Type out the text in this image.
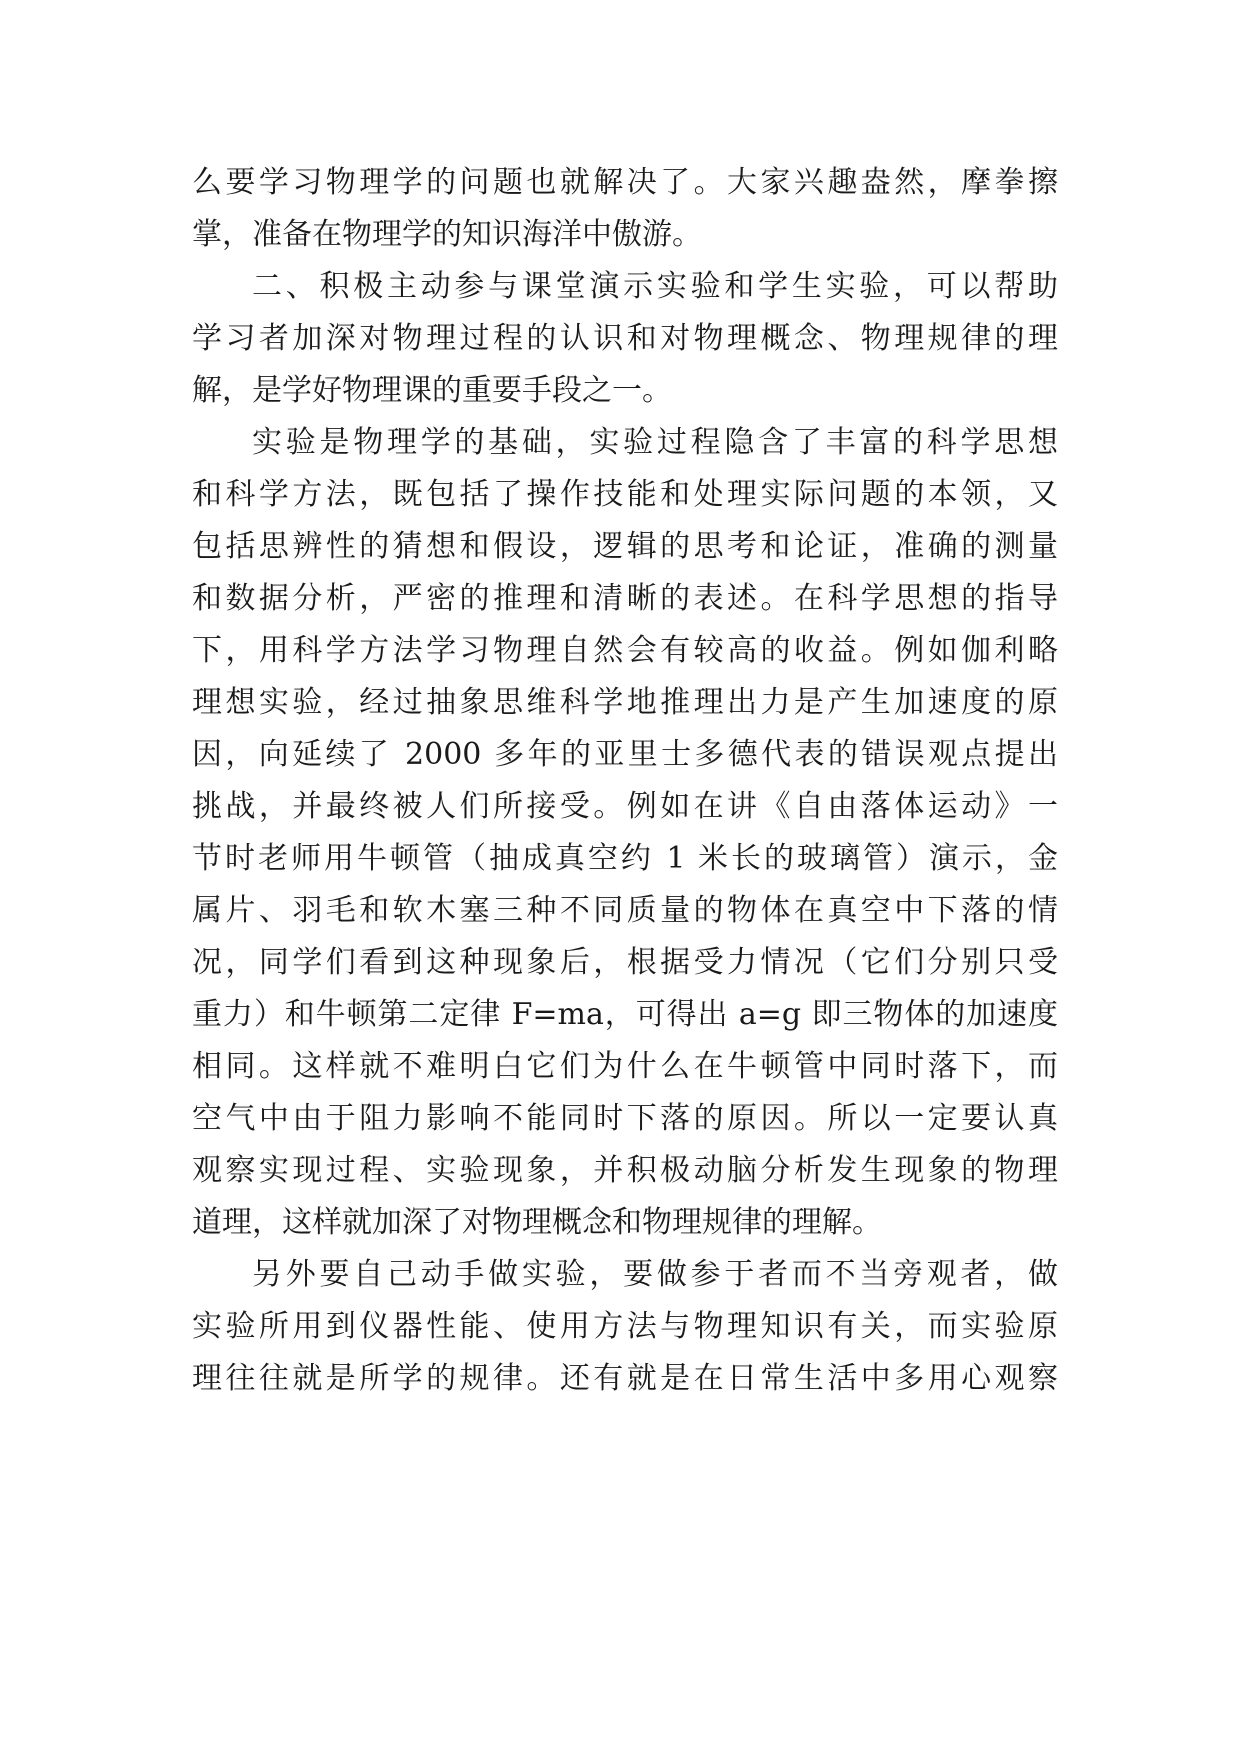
么要学习物理学的问题也就解决了。大家兴趣盎然，摩拳擦
掌，准备在物理学的知识海洋中傲游。
二、积极主动参与课堂演示实验和学生实验，可以帮助
学习者加深对物理过程的认识和对物理概念、物理规律的理
解，是学好物理课的重要手段之一。
实验是物理学的基础，实验过程隐含了丰富的科学思想
和科学方法，既包括了操作技能和处理实际问题的本领，又
包括思辨性的猜想和假设，逻辑的思考和论证，准确的测量
和数据分析，严密的推理和清晰的表述。在科学思想的指导
下，用科学方法学习物理自然会有较高的收益。例如伽利略
理想实验，经过抽象思维科学地推理出力是产生加速度的原
因，向延续了 2000 多年的亚里士多德代表的错误观点提出
挑战，并最终被人们所接受。例如在讲《自由落体运动》一
节时老师用牛顿管（抽成真空约 1 米长的玻璃管）演示，金
属片、羽毛和软木塞三种不同质量的物体在真空中下落的情
况，同学们看到这种现象后，根据受力情况（它们分别只受
重力）和牛顿第二定律 F=ma，可得出 a=g 即三物体的加速度
相同。这样就不难明白它们为什么在牛顿管中同时落下，而
空气中由于阻力影响不能同时下落的原因。所以一定要认真
观察实现过程、实验现象，并积极动脑分析发生现象的物理
道理，这样就加深了对物理概念和物理规律的理解。
另外要自己动手做实验，要做参于者而不当旁观者，做
实验所用到仪器性能、使用方法与物理知识有关，而实验原
理往往就是所学的规律。还有就是在日常生活中多用心观察
